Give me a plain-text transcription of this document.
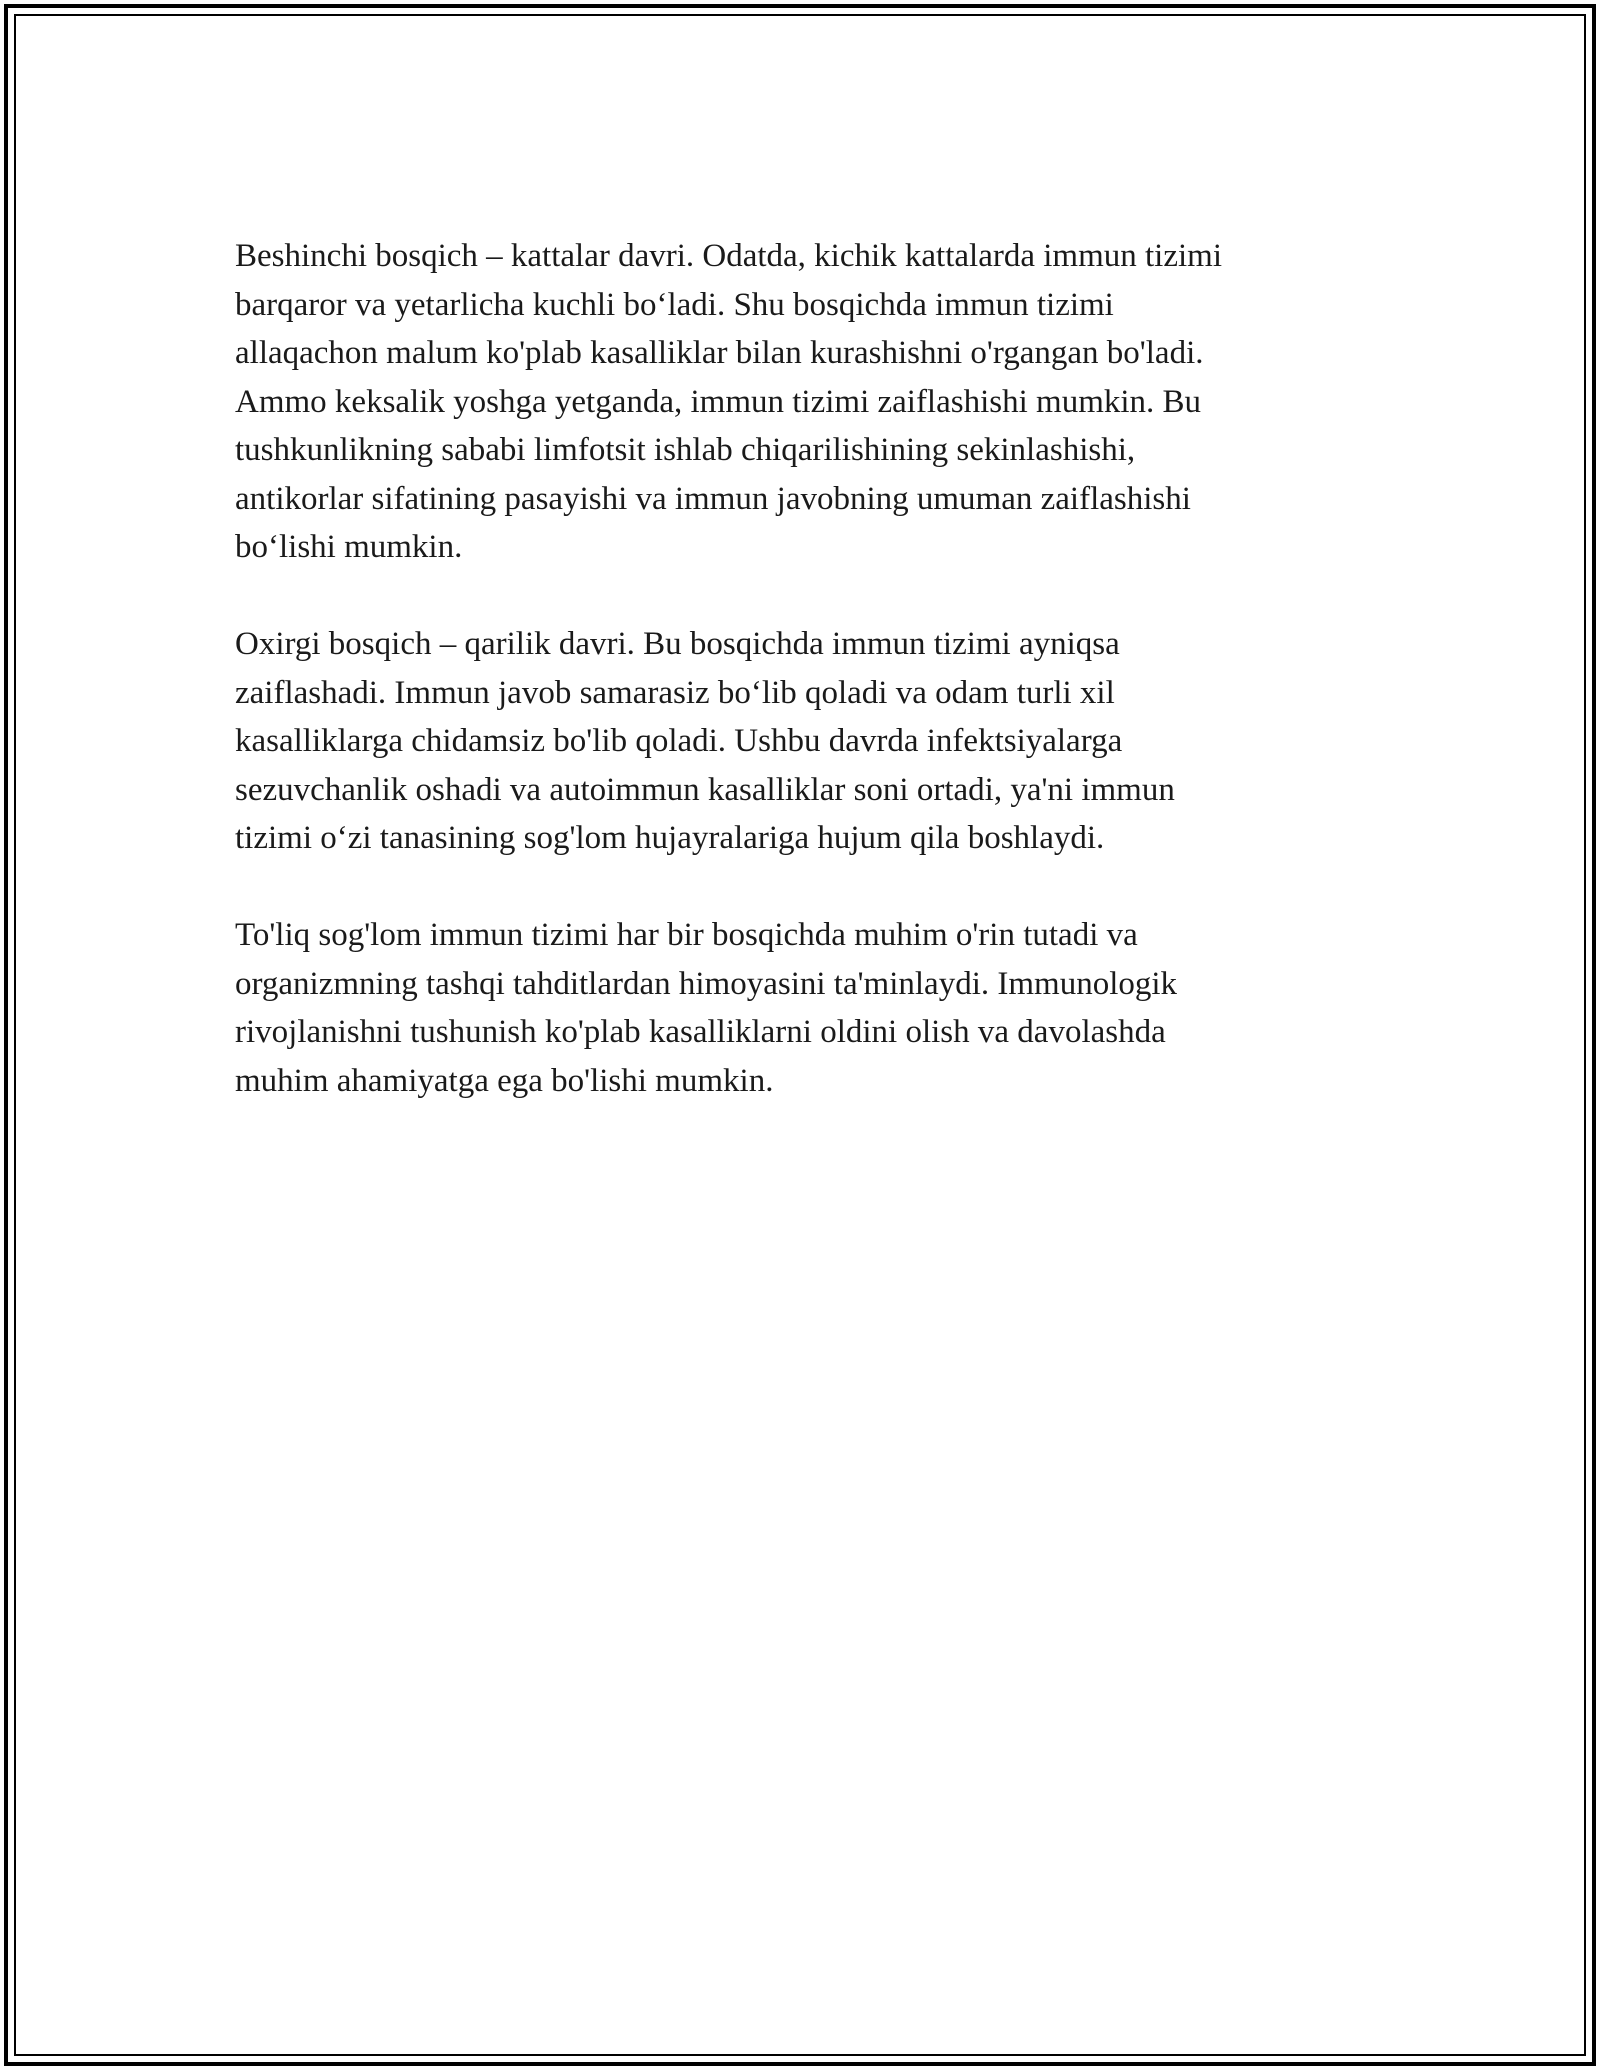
Beshinchi bosqich – kattalar davri. Odatda, kichik kattalarda immun tizimi
barqaror va yetarlicha kuchli bo‘ladi. Shu bosqichda immun tizimi
allaqachon malum ko'plab kasalliklar bilan kurashishni o'rgangan bo'ladi.
Ammo keksalik yoshga yetganda, immun tizimi zaiflashishi mumkin. Bu
tushkunlikning sababi limfotsit ishlab chiqarilishining sekinlashishi,
antikorlar sifatining pasayishi va immun javobning umuman zaiflashishi
bo‘lishi mumkin.

Oxirgi bosqich – qarilik davri. Bu bosqichda immun tizimi ayniqsa
zaiflashadi. Immun javob samarasiz bo‘lib qoladi va odam turli xil
kasalliklarga chidamsiz bo'lib qoladi. Ushbu davrda infektsiyalarga
sezuvchanlik oshadi va autoimmun kasalliklar soni ortadi, ya'ni immun
tizimi o‘zi tanasining sog'lom hujayralariga hujum qila boshlaydi.

To'liq sog'lom immun tizimi har bir bosqichda muhim o'rin tutadi va
organizmning tashqi tahditlardan himoyasini ta'minlaydi. Immunologik
rivojlanishni tushunish ko'plab kasalliklarni oldini olish va davolashda
muhim ahamiyatga ega bo'lishi mumkin.
